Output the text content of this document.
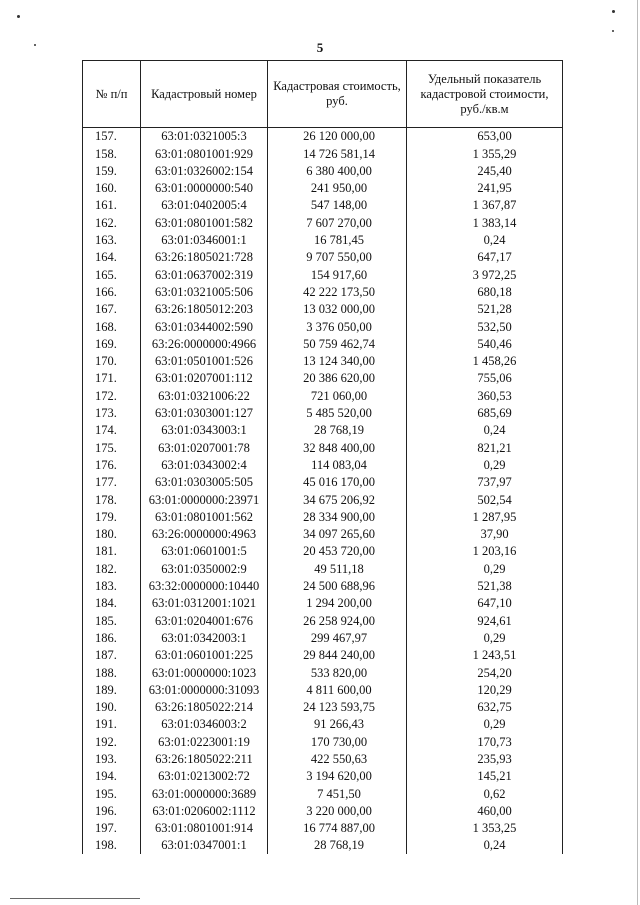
5
№ п/п	Кадастровый номер	Кадастровая стоимость, руб.	Удельный показатель кадастровой стоимости, руб./кв.м
157.	63:01:0321005:3	26 120 000,00	653,00
158.	63:01:0801001:929	14 726 581,14	1 355,29
159.	63:01:0326002:154	6 380 400,00	245,40
160.	63:01:0000000:540	241 950,00	241,95
161.	63:01:0402005:4	547 148,00	1 367,87
162.	63:01:0801001:582	7 607 270,00	1 383,14
163.	63:01:0346001:1	16 781,45	0,24
164.	63:26:1805021:728	9 707 550,00	647,17
165.	63:01:0637002:319	154 917,60	3 972,25
166.	63:01:0321005:506	42 222 173,50	680,18
167.	63:26:1805012:203	13 032 000,00	521,28
168.	63:01:0344002:590	3 376 050,00	532,50
169.	63:26:0000000:4966	50 759 462,74	540,46
170.	63:01:0501001:526	13 124 340,00	1 458,26
171.	63:01:0207001:112	20 386 620,00	755,06
172.	63:01:0321006:22	721 060,00	360,53
173.	63:01:0303001:127	5 485 520,00	685,69
174.	63:01:0343003:1	28 768,19	0,24
175.	63:01:0207001:78	32 848 400,00	821,21
176.	63:01:0343002:4	114 083,04	0,29
177.	63:01:0303005:505	45 016 170,00	737,97
178.	63:01:0000000:23971	34 675 206,92	502,54
179.	63:01:0801001:562	28 334 900,00	1 287,95
180.	63:26:0000000:4963	34 097 265,60	37,90
181.	63:01:0601001:5	20 453 720,00	1 203,16
182.	63:01:0350002:9	49 511,18	0,29
183.	63:32:0000000:10440	24 500 688,96	521,38
184.	63:01:0312001:1021	1 294 200,00	647,10
185.	63:01:0204001:676	26 258 924,00	924,61
186.	63:01:0342003:1	299 467,97	0,29
187.	63:01:0601001:225	29 844 240,00	1 243,51
188.	63:01:0000000:1023	533 820,00	254,20
189.	63:01:0000000:31093	4 811 600,00	120,29
190.	63:26:1805022:214	24 123 593,75	632,75
191.	63:01:0346003:2	91 266,43	0,29
192.	63:01:0223001:19	170 730,00	170,73
193.	63:26:1805022:211	422 550,63	235,93
194.	63:01:0213002:72	3 194 620,00	145,21
195.	63:01:0000000:3689	7 451,50	0,62
196.	63:01:0206002:1112	3 220 000,00	460,00
197.	63:01:0801001:914	16 774 887,00	1 353,25
198.	63:01:0347001:1	28 768,19	0,24
